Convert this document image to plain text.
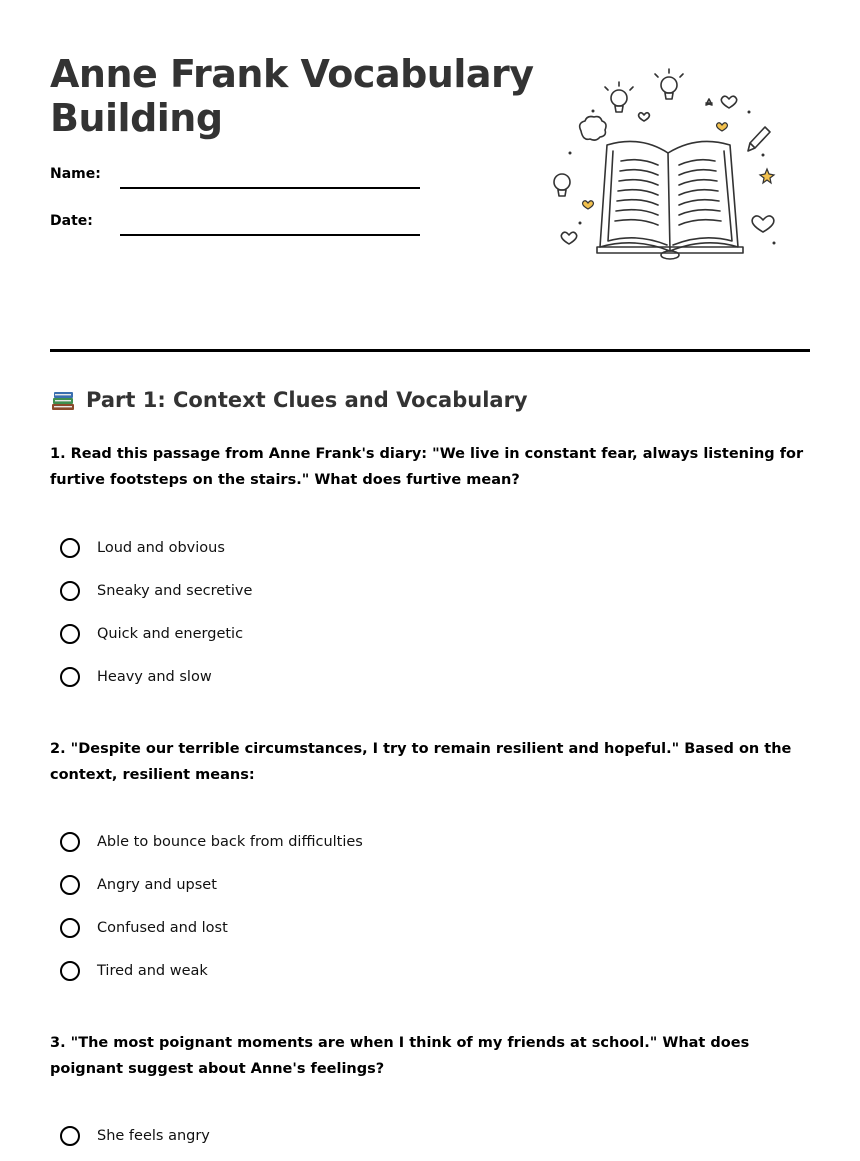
Anne Frank Vocabulary Building
Name:
Date:
Part 1: Context Clues and Vocabulary

1. Read this passage from Anne Frank's diary: "We live in constant fear, always listening for furtive footsteps on the stairs." What does furtive mean?

Loud and obvious
Sneaky and secretive
Quick and energetic
Heavy and slow

2. "Despite our terrible circumstances, I try to remain resilient and hopeful." Based on the context, resilient means:

Able to bounce back from difficulties
Angry and upset
Confused and lost
Tired and weak

3. "The most poignant moments are when I think of my friends at school." What does poignant suggest about Anne's feelings?

She feels angry
